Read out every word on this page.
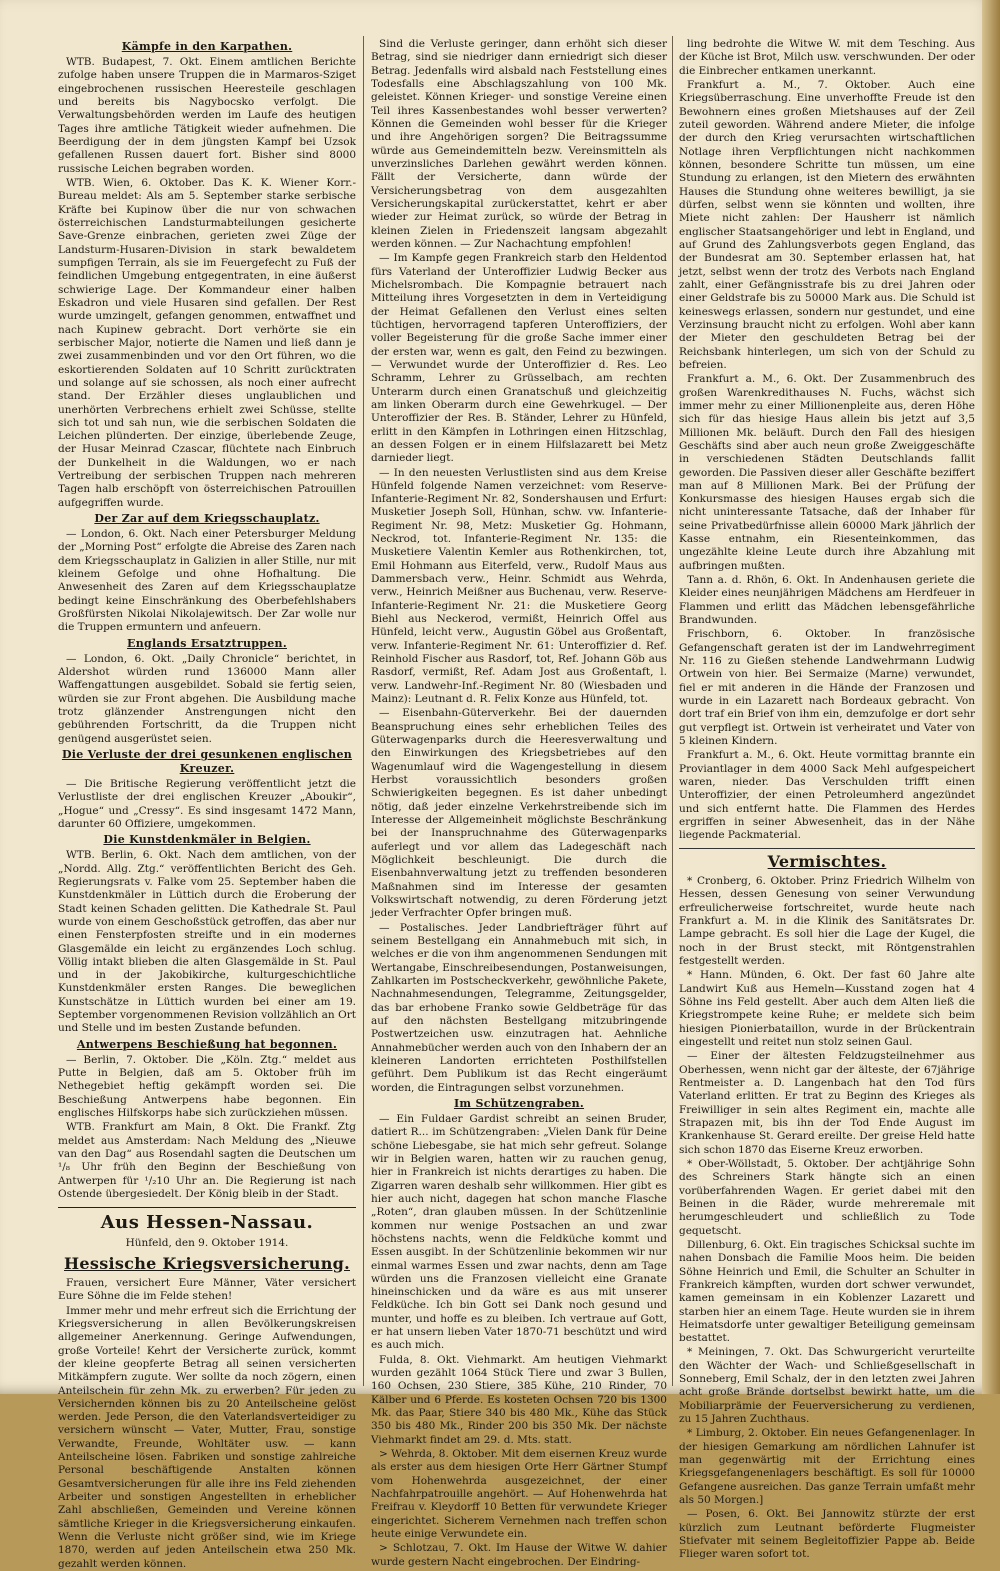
Kämpfe in den Karpathen.

WTB. Budapest, 7. Okt. Einem amtlichen Berichte zufolge haben unsere Truppen die in Marmaros-Sziget eingebrochenen russischen Heeresteile geschlagen und bereits bis Nagybocsko verfolgt. Die Verwaltungsbehörden werden im Laufe des heutigen Tages ihre amtliche Tätigkeit wieder aufnehmen. Die Beerdigung der in dem jüngsten Kampf bei Uzsok gefallenen Russen dauert fort. Bisher sind 8000 russische Leichen begraben worden.

WTB. Wien, 6. Oktober. Das K. K. Wiener Korr.-Bureau meldet: Als am 5. September starke serbische Kräfte bei Kupinow über die nur von schwachen österreichischen Landsturmabteilungen gesicherte Save-Grenze einbrachen, gerieten zwei Züge der Landsturm-Husaren-Division in stark bewaldetem sumpfigen Terrain, als sie im Feuergefecht zu Fuß der feindlichen Umgebung entgegentraten, in eine äußerst schwierige Lage. Der Kommandeur einer halben Eskadron und viele Husaren sind gefallen. Der Rest wurde umzingelt, gefangen genommen, entwaffnet und nach Kupinew gebracht. Dort verhörte sie ein serbischer Major, notierte die Namen und ließ dann je zwei zusammenbinden und vor den Ort führen, wo die eskortierenden Soldaten auf 10 Schritt zurücktraten und solange auf sie schossen, als noch einer aufrecht stand. Der Erzähler dieses unglaublichen und unerhörten Verbrechens erhielt zwei Schüsse, stellte sich tot und sah nun, wie die serbischen Soldaten die Leichen plünderten. Der einzige, überlebende Zeuge, der Husar Meinrad Czascar, flüchtete nach Einbruch der Dunkelheit in die Waldungen, wo er nach Vertreibung der serbischen Truppen nach mehreren Tagen halb erschöpft von österreichischen Patrouillen aufgegriffen wurde.

Der Zar auf dem Kriegsschauplatz.

— London, 6. Okt. Nach einer Petersburger Meldung der „Morning Post“ erfolgte die Abreise des Zaren nach dem Kriegsschauplatz in Galizien in aller Stille, nur mit kleinem Gefolge und ohne Hofhaltung. Die Anwesenheit des Zaren auf dem Kriegsschauplatze bedingt keine Einschränkung des Oberbefehlshabers Großfürsten Nikolai Nikolajewitsch. Der Zar wolle nur die Truppen ermuntern und anfeuern.

Englands Ersatztruppen.

— London, 6. Okt. „Daily Chronicle“ berichtet, in Aldershot würden rund 136000 Mann aller Waffengattungen ausgebildet. Sobald sie fertig seien, würden sie zur Front abgehen. Die Ausbildung mache trotz glänzender Anstrengungen nicht den gebührenden Fortschritt, da die Truppen nicht genügend ausgerüstet seien.

Die Verluste der drei gesunkenen englischen Kreuzer.

— Die Britische Regierung veröffentlicht jetzt die Verlustliste der drei englischen Kreuzer „Aboukir“, „Hogue“ und „Cressy“. Es sind insgesamt 1472 Mann, darunter 60 Offiziere, umgekommen.

Die Kunstdenkmäler in Belgien.

WTB. Berlin, 6. Okt. Nach dem amtlichen, von der „Nordd. Allg. Ztg.“ veröffentlichten Bericht des Geh. Regierungsrats v. Falke vom 25. September haben die Kunstdenkmäler in Lüttich durch die Eroberung der Stadt keinen Schaden gelitten. Die Kathedrale St. Paul wurde von einem Geschoßstück getroffen, das aber nur einen Fensterpfosten streifte und in ein modernes Glasgemälde ein leicht zu ergänzendes Loch schlug. Völlig intakt blieben die alten Glasgemälde in St. Paul und in der Jakobikirche, kulturgeschichtliche Kunstdenkmäler ersten Ranges. Die beweglichen Kunstschätze in Lüttich wurden bei einer am 19. September vorgenommenen Revision vollzählich an Ort und Stelle und im besten Zustande befunden.

Antwerpens Beschießung hat begonnen.

— Berlin, 7. Oktober. Die „Köln. Ztg.“ meldet aus Putte in Belgien, daß am 5. Oktober früh im Nethegebiet heftig gekämpft worden sei. Die Beschießung Antwerpens habe begonnen. Ein englisches Hilfskorps habe sich zurückziehen müssen.

WTB. Frankfurt am Main, 8 Okt. Die Frankf. Ztg meldet aus Amsterdam: Nach Meldung des „Nieuwe van den Dag“ aus Rosendahl sagten die Deutschen um ¹/₈ Uhr früh den Beginn der Beschießung von Antwerpen für ¹/₂10 Uhr an. Die Regierung ist nach Ostende übergesiedelt. Der König bleib in der Stadt.

Aus Hessen-Nassau.

Hünfeld, den 9. Oktober 1914.

Hessische Kriegsversicherung.

Frauen, versichert Eure Männer, Väter versichert Eure Söhne die im Felde stehen!

Immer mehr und mehr erfreut sich die Errichtung der Kriegsversicherung in allen Bevölkerungskreisen allgemeiner Anerkennung. Geringe Aufwendungen, große Vorteile! Kehrt der Versicherte zurück, kommt der kleine geopferte Betrag all seinen versicherten Mitkämpfern zugute. Wer sollte da noch zögern, einen Anteilschein für zehn Mk. zu erwerben? Für jeden zu Versichernden können bis zu 20 Anteilscheine gelöst werden. Jede Person, die den Vaterlandsverteidiger zu versichern wünscht — Vater, Mutter, Frau, sonstige Verwandte, Freunde, Wohltäter usw. — kann Anteilscheine lösen. Fabriken und sonstige zahlreiche Personal beschäftigende Anstalten können Gesamtversicherungen für alle ihre ins Feld ziehenden Arbeiter und sonstigen Angestellten in erheblicher Zahl abschließen, Gemeinden und Vereine können sämtliche Krieger in die Kriegsversicherung einkaufen. Wenn die Verluste nicht größer sind, wie im Kriege 1870, werden auf jeden Anteilschein etwa 250 Mk. gezahlt werden können.

Sind die Verluste geringer, dann erhöht sich dieser Betrag, sind sie niedriger dann erniedrigt sich dieser Betrag. Jedenfalls wird alsbald nach Feststellung eines Todesfalls eine Abschlagszahlung von 100 Mk. geleistet. Können Krieger- und sonstige Vereine einen Teil ihres Kassenbestandes wohl besser verwerten? Können die Gemeinden wohl besser für die Krieger und ihre Angehörigen sorgen? Die Beitragssumme würde aus Gemeindemitteln bezw. Vereinsmitteln als unverzinsliches Darlehen gewährt werden können. Fällt der Versicherte, dann würde der Versicherungsbetrag von dem ausgezahlten Versicherungskapital zurückerstattet, kehrt er aber wieder zur Heimat zurück, so würde der Betrag in kleinen Zielen in Friedenszeit langsam abgezahlt werden können. — Zur Nachachtung empfohlen!

— Im Kampfe gegen Frankreich starb den Heldentod fürs Vaterland der Unteroffizier Ludwig Becker aus Michelsrombach. Die Kompagnie betrauert nach Mitteilung ihres Vorgesetzten in dem in Verteidigung der Heimat Gefallenen den Verlust eines selten tüchtigen, hervorragend tapferen Unteroffiziers, der voller Begeisterung für die große Sache immer einer der ersten war, wenn es galt, den Feind zu bezwingen. — Verwundet wurde der Unteroffizier d. Res. Leo Schramm, Lehrer zu Grüsselbach, am rechten Unterarm durch einen Granatschuß und gleichzeitig am linken Oberarm durch eine Gewehrkugel. — Der Unteroffizier der Res. B. Ständer, Lehrer zu Hünfeld, erlitt in den Kämpfen in Lothringen einen Hitzschlag, an dessen Folgen er in einem Hilfslazarett bei Metz darnieder liegt.

— In den neuesten Verlustlisten sind aus dem Kreise Hünfeld folgende Namen verzeichnet: vom Reserve-Infanterie-Regiment Nr. 82, Sondershausen und Erfurt: Musketier Joseph Soll, Hünhan, schw. vw. Infanterie-Regiment Nr. 98, Metz: Musketier Gg. Hohmann, Neckrod, tot. Infanterie-Regiment Nr. 135: die Musketiere Valentin Kemler aus Rothenkirchen, tot, Emil Hohmann aus Eiterfeld, verw., Rudolf Maus aus Dammersbach verw., Heinr. Schmidt aus Wehrda, verw., Heinrich Meißner aus Buchenau, verw. Reserve-Infanterie-Regiment Nr. 21: die Musketiere Georg Biehl aus Neckerod, vermißt, Heinrich Offel aus Hünfeld, leicht verw., Augustin Göbel aus Großentaft, verw. Infanterie-Regiment Nr. 61: Unteroffizier d. Ref. Reinhold Fischer aus Rasdorf, tot, Ref. Johann Göb aus Rasdorf, vermißt, Ref. Adam Jost aus Großentaft, l. verw. Landwehr-Inf.-Regiment Nr. 80 (Wiesbaden und Mainz): Leutnant d. R. Felix Konze aus Hünfeld, tot.

— Eisenbahn-Güterverkehr. Bei der dauernden Beanspruchung eines sehr erheblichen Teiles des Güterwagenparks durch die Heeresverwaltung und den Einwirkungen des Kriegsbetriebes auf den Wagenumlauf wird die Wagengestellung in diesem Herbst voraussichtlich besonders großen Schwierigkeiten begegnen. Es ist daher unbedingt nötig, daß jeder einzelne Verkehrstreibende sich im Interesse der Allgemeinheit möglichste Beschränkung bei der Inanspruchnahme des Güterwagenparks auferlegt und vor allem das Ladegeschäft nach Möglichkeit beschleunigt. Die durch die Eisenbahnverwaltung jetzt zu treffenden besonderen Maßnahmen sind im Interesse der gesamten Volkswirtschaft notwendig, zu deren Förderung jetzt jeder Verfrachter Opfer bringen muß.

— Postalisches. Jeder Landbriefträger führt auf seinem Bestellgang ein Annahmebuch mit sich, in welches er die von ihm angenommenen Sendungen mit Wertangabe, Einschreibesendungen, Postanweisungen, Zahlkarten im Postscheckverkehr, gewöhnliche Pakete, Nachnahmesendungen, Telegramme, Zeitungsgelder, das bar erhobene Franko sowie Geldbeträge für das auf den nächsten Bestellgang mitzubringende Postwertzeichen usw. einzutragen hat. Aehnliche Annahmebücher werden auch von den Inhabern der an kleineren Landorten errichteten Posthilfstellen geführt. Dem Publikum ist das Recht eingeräumt worden, die Eintragungen selbst vorzunehmen.

Im Schützengraben.

— Ein Fuldaer Gardist schreibt an seinen Bruder, datiert R... im Schützengraben: „Vielen Dank für Deine schöne Liebesgabe, sie hat mich sehr gefreut. Solange wir in Belgien waren, hatten wir zu rauchen genug, hier in Frankreich ist nichts derartiges zu haben. Die Zigarren waren deshalb sehr willkommen. Hier gibt es hier auch nicht, dagegen hat schon manche Flasche „Roten“, dran glauben müssen. In der Schützenlinie kommen nur wenige Postsachen an und zwar höchstens nachts, wenn die Feldküche kommt und Essen ausgibt. In der Schützenlinie bekommen wir nur einmal warmes Essen und zwar nachts, denn am Tage würden uns die Franzosen vielleicht eine Granate hineinschicken und da wäre es aus mit unserer Feldküche. Ich bin Gott sei Dank noch gesund und munter, und hoffe es zu bleiben. Ich vertraue auf Gott, er hat unsern lieben Vater 1870-71 beschützt und wird es auch mich.

Fulda, 8. Okt. Viehmarkt. Am heutigen Viehmarkt wurden gezählt 1064 Stück Tiere und zwar 3 Bullen, 160 Ochsen, 230 Stiere, 385 Kühe, 210 Rinder, 70 Kälber und 6 Pferde. Es kosteten Ochsen 720 bis 1300 Mk. das Paar, Stiere 340 bis 480 Mk., Kühe das Stück 350 bis 480 Mk., Rinder 200 bis 350 Mk. Der nächste Viehmarkt findet am 29. d. Mts. statt.

> Wehrda, 8. Oktober. Mit dem eisernen Kreuz wurde als erster aus dem hiesigen Orte Herr Gärtner Stumpf vom Hohenwehrda ausgezeichnet, der einer Nachfahrpatrouille angehört. — Auf Hohenwehrda hat Freifrau v. Kleydorff 10 Betten für verwundete Krieger eingerichtet. Sicherem Vernehmen nach treffen schon heute einige Verwundete ein.

> Schlotzau, 7. Okt. Im Hause der Witwe W. dahier wurde gestern Nacht eingebrochen. Der Eindring-

ling bedrohte die Witwe W. mit dem Tesching. Aus der Küche ist Brot, Milch usw. verschwunden. Der oder die Einbrecher entkamen unerkannt.

Frankfurt a. M., 7. Oktober. Auch eine Kriegsüberraschung. Eine unverhoffte Freude ist den Bewohnern eines großen Mietshauses auf der Zeil zuteil geworden. Während andere Mieter, die infolge der durch den Krieg verursachten wirtschaftlichen Notlage ihren Verpflichtungen nicht nachkommen können, besondere Schritte tun müssen, um eine Stundung zu erlangen, ist den Mietern des erwähnten Hauses die Stundung ohne weiteres bewilligt, ja sie dürfen, selbst wenn sie könnten und wollten, ihre Miete nicht zahlen: Der Hausherr ist nämlich englischer Staatsangehöriger und lebt in England, und auf Grund des Zahlungsverbots gegen England, das der Bundesrat am 30. September erlassen hat, hat jetzt, selbst wenn der trotz des Verbots nach England zahlt, einer Gefängnisstrafe bis zu drei Jahren oder einer Geldstrafe bis zu 50000 Mark aus. Die Schuld ist keineswegs erlassen, sondern nur gestundet, und eine Verzinsung braucht nicht zu erfolgen. Wohl aber kann der Mieter den geschuldeten Betrag bei der Reichsbank hinterlegen, um sich von der Schuld zu befreien.

Frankfurt a. M., 6. Okt. Der Zusammenbruch des großen Warenkredithauses N. Fuchs, wächst sich immer mehr zu einer Millionenpleite aus, deren Höhe sich für das hiesige Haus allein bis jetzt auf 3,5 Millionen Mk. beläuft. Durch den Fall des hiesigen Geschäfts sind aber auch neun große Zweiggeschäfte in verschiedenen Städten Deutschlands fallit geworden. Die Passiven dieser aller Geschäfte beziffert man auf 8 Millionen Mark. Bei der Prüfung der Konkursmasse des hiesigen Hauses ergab sich die nicht uninteressante Tatsache, daß der Inhaber für seine Privatbedürfnisse allein 60000 Mark jährlich der Kasse entnahm, ein Riesenteinkommen, das ungezählte kleine Leute durch ihre Abzahlung mit aufbringen mußten.

Tann a. d. Rhön, 6. Okt. In Andenhausen geriete die Kleider eines neunjährigen Mädchens am Herdfeuer in Flammen und erlitt das Mädchen lebensgefährliche Brandwunden.

Frischborn, 6. Oktober. In französische Gefangenschaft geraten ist der im Landwehrregiment Nr. 116 zu Gießen stehende Landwehrmann Ludwig Ortwein von hier. Bei Sermaize (Marne) verwundet, fiel er mit anderen in die Hände der Franzosen und wurde in ein Lazarett nach Bordeaux gebracht. Von dort traf ein Brief von ihm ein, demzufolge er dort sehr gut verpflegt ist. Ortwein ist verheiratet und Vater von 5 kleinen Kindern.

Frankfurt a. M., 6. Okt. Heute vormittag brannte ein Proviantlager in dem 4000 Sack Mehl aufgespeichert waren, nieder. Das Verschulden trifft einen Unteroffizier, der einen Petroleumherd angezündet und sich entfernt hatte. Die Flammen des Herdes ergriffen in seiner Abwesenheit, das in der Nähe liegende Packmaterial.

Vermischtes.

* Cronberg, 6. Oktober. Prinz Friedrich Wilhelm von Hessen, dessen Genesung von seiner Verwundung erfreulicherweise fortschreitet, wurde heute nach Frankfurt a. M. in die Klinik des Sanitätsrates Dr. Lampe gebracht. Es soll hier die Lage der Kugel, die noch in der Brust steckt, mit Röntgenstrahlen festgestellt werden.

* Hann. Münden, 6. Okt. Der fast 60 Jahre alte Landwirt Kuß aus Hemeln—Kusstand zogen hat 4 Söhne ins Feld gestellt. Aber auch dem Alten ließ die Kriegstrompete keine Ruhe; er meldete sich beim hiesigen Pionierbataillon, wurde in der Brückentrain eingestellt und reitet nun stolz seinen Gaul.

— Einer der ältesten Feldzugsteilnehmer aus Oberhessen, wenn nicht gar der älteste, der 67jährige Rentmeister a. D. Langenbach hat den Tod fürs Vaterland erlitten. Er trat zu Beginn des Krieges als Freiwilliger in sein altes Regiment ein, machte alle Strapazen mit, bis ihn der Tod Ende August im Krankenhause St. Gerard ereilte. Der greise Held hatte sich schon 1870 das Eiserne Kreuz erworben.

* Ober-Wöllstadt, 5. Oktober. Der achtjährige Sohn des Schreiners Stark hängte sich an einen vorüberfahrenden Wagen. Er geriet dabei mit den Beinen in die Räder, wurde mehreremale mit herumgeschleudert und schließlich zu Tode gequetscht.

Dillenburg, 6. Okt. Ein tragisches Schicksal suchte im nahen Donsbach die Familie Moos heim. Die beiden Söhne Heinrich und Emil, die Schulter an Schulter in Frankreich kämpften, wurden dort schwer verwundet, kamen gemeinsam in ein Koblenzer Lazarett und starben hier an einem Tage. Heute wurden sie in ihrem Heimatsdorfe unter gewaltiger Beteiligung gemeinsam bestattet.

* Meiningen, 7. Okt. Das Schwurgericht verurteilte den Wächter der Wach- und Schließgesellschaft in Sonneberg, Emil Schalz, der in den letzten zwei Jahren acht große Brände dortselbst bewirkt hatte, um die Mobiliarprämie der Feuerversicherung zu verdienen, zu 15 Jahren Zuchthaus.

* Limburg, 2. Oktober. Ein neues Gefangenenlager. In der hiesigen Gemarkung am nördlichen Lahnufer ist man gegenwärtig mit der Errichtung eines Kriegsgefangenenlagers beschäftigt. Es soll für 10000 Gefangene ausreichen. Das ganze Terrain umfaßt mehr als 50 Morgen.]

— Posen, 6. Okt. Bei Jannowitz stürzte der erst kürzlich zum Leutnant beförderte Flugmeister Stiefvater mit seinem Begleitoffizier Pappe ab. Beide Flieger waren sofort tot.
